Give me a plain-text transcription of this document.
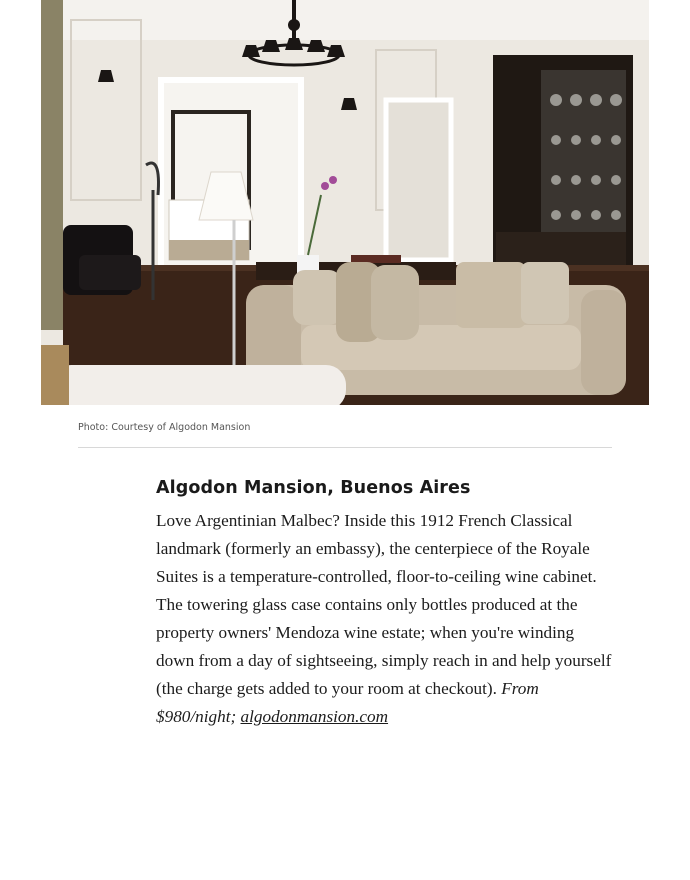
Photo: Courtesy of Algodon Mansion
Algodon Mansion, Buenos Aires

Love Argentinian Malbec? Inside this 1912 French Classical landmark (formerly an embassy), the centerpiece of the Royale Suites is a temperature-controlled, floor-to-ceiling wine cabinet. The towering glass case contains only bottles produced at the property owners' Mendoza wine estate; when you're winding down from a day of sightseeing, simply reach in and help yourself (the charge gets added to your room at checkout). From $980/night; algodonmansion.com
